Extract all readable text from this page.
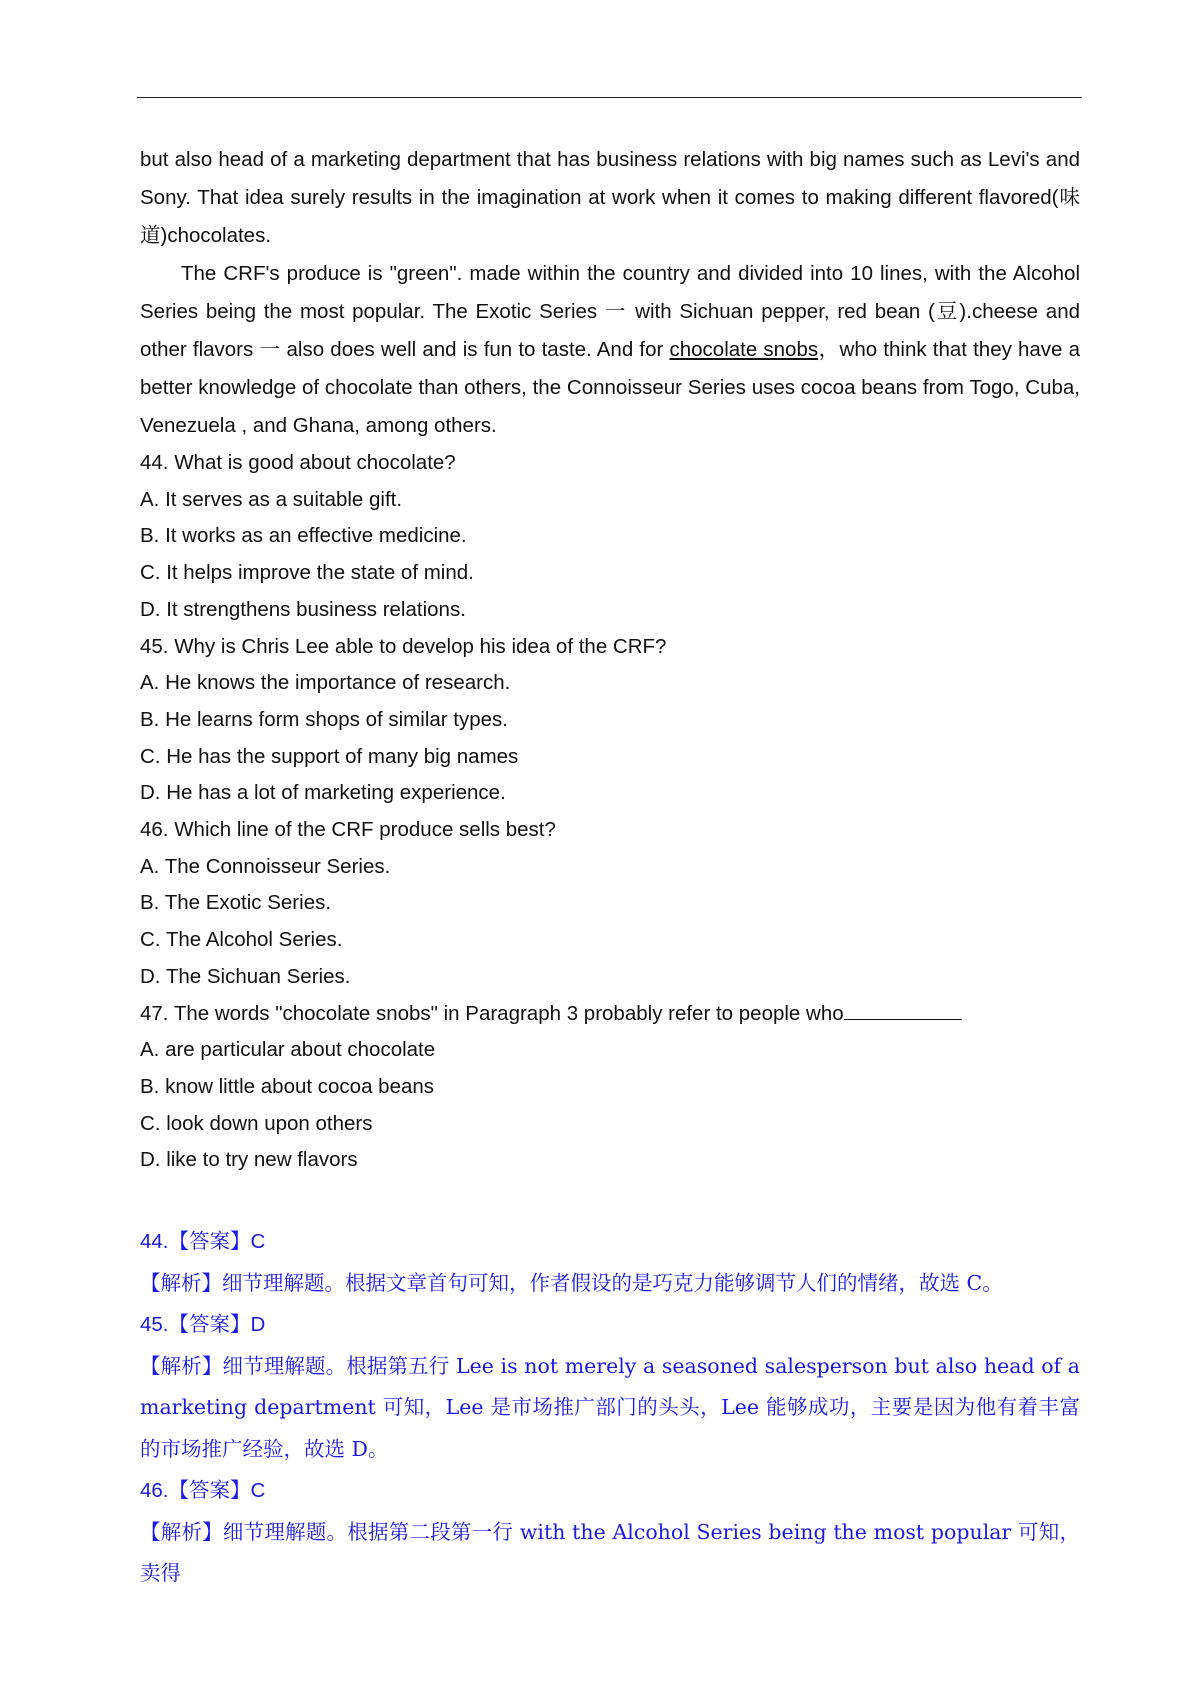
but also head of a marketing department that has business relations with big names such as Levi's and Sony. That idea surely results in the imagination at work when it comes to making different flavored(味道)chocolates.

The CRF's produce is "green". made within the country and divided into 10 lines, with the Alcohol Series being the most popular. The Exotic Series 一 with Sichuan pepper, red bean (豆).cheese and other flavors 一 also does well and is fun to taste. And for chocolate snobs，who think that they have a better knowledge of chocolate than others, the Connoisseur Series uses cocoa beans from Togo, Cuba, Venezuela , and Ghana, among others.

44. What is good about chocolate?

A. It serves as a suitable gift.

B. It works as an effective medicine.

C. It helps improve the state of mind.

D. It strengthens business relations.

45. Why is Chris Lee able to develop his idea of the CRF?

A. He knows the importance of research.

B. He learns form shops of similar types.

C. He has the support of many big names

D. He has a lot of marketing experience.

46. Which line of the CRF produce sells best?

A. The Connoisseur Series.

B. The Exotic Series.

C. The Alcohol Series.

D. The Sichuan Series.

47. The words "chocolate snobs" in Paragraph 3 probably refer to people who

A. are particular about chocolate

B. know little about cocoa beans

C. look down upon others

D. like to try new flavors

44.【答案】C

【解析】细节理解题。根据文章首句可知，作者假设的是巧克力能够调节人们的情绪，故选 C。

45.【答案】D

【解析】细节理解题。根据第五行 Lee is not merely a seasoned salesperson but also head of a marketing department 可知，Lee 是市场推广部门的头头，Lee 能够成功，主要是因为他有着丰富的市场推广经验，故选 D。

46.【答案】C

【解析】细节理解题。根据第二段第一行 with the Alcohol Series being the most popular 可知，卖得
